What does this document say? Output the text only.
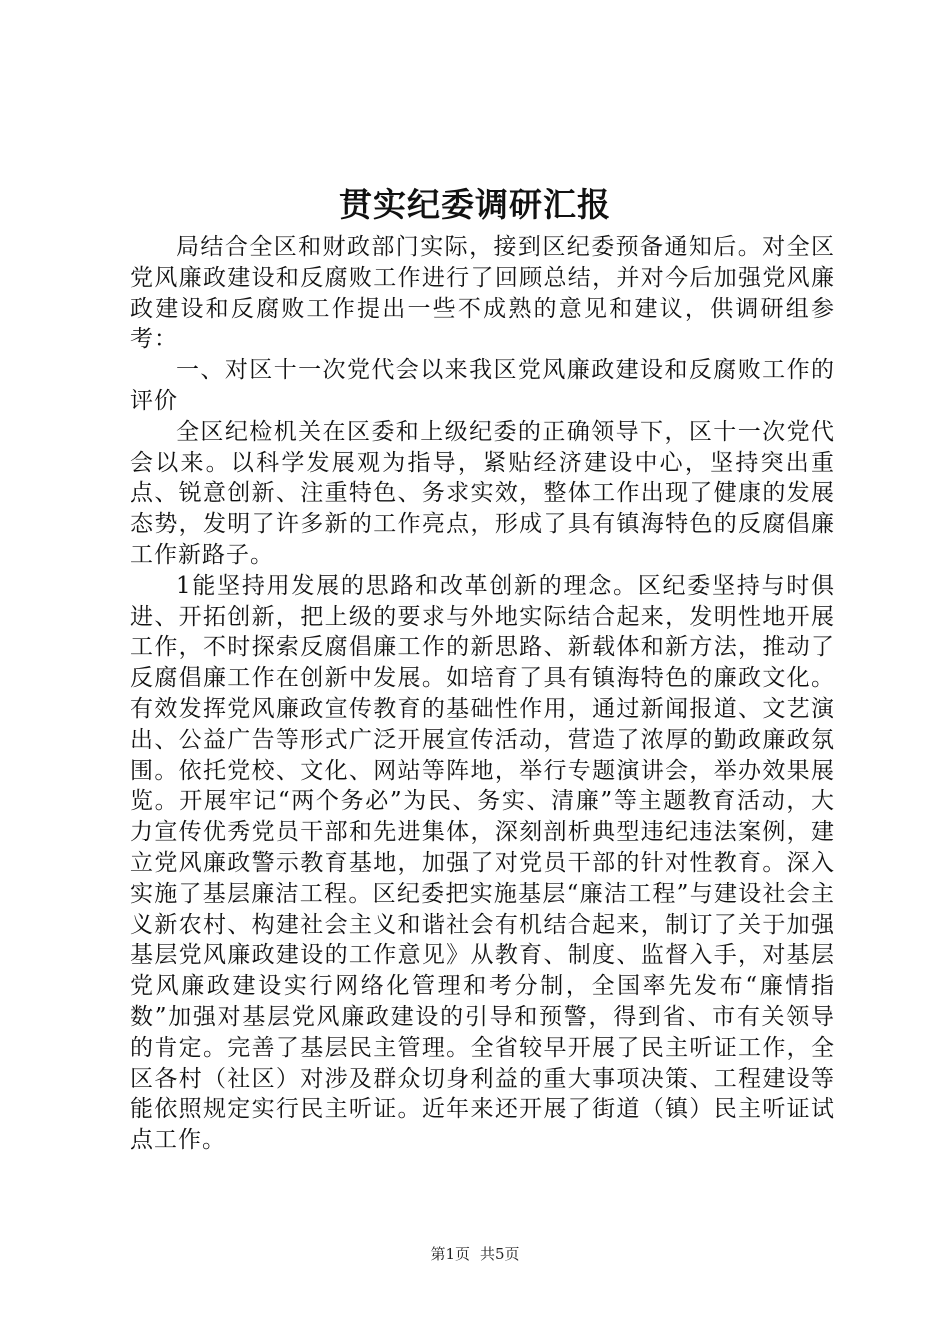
贯实纪委调研汇报

局结合全区和财政部门实际，接到区纪委预备通知后。对全区党风廉政建设和反腐败工作进行了回顾总结，并对今后加强党风廉政建设和反腐败工作提出一些不成熟的意见和建议，供调研组参考：

一、对区十一次党代会以来我区党风廉政建设和反腐败工作的评价

全区纪检机关在区委和上级纪委的正确领导下，区十一次党代会以来。以科学发展观为指导，紧贴经济建设中心，坚持突出重点、锐意创新、注重特色、务求实效，整体工作出现了健康的发展态势，发明了许多新的工作亮点，形成了具有镇海特色的反腐倡廉工作新路子。

1能坚持用发展的思路和改革创新的理念。区纪委坚持与时俱进、开拓创新，把上级的要求与外地实际结合起来，发明性地开展工作，不时探索反腐倡廉工作的新思路、新载体和新方法，推动了反腐倡廉工作在创新中发展。如培育了具有镇海特色的廉政文化。有效发挥党风廉政宣传教育的基础性作用，通过新闻报道、文艺演出、公益广告等形式广泛开展宣传活动，营造了浓厚的勤政廉政氛围。依托党校、文化、网站等阵地，举行专题演讲会，举办效果展览。开展牢记“两个务必”为民、务实、清廉”等主题教育活动，大力宣传优秀党员干部和先进集体，深刻剖析典型违纪违法案例，建立党风廉政警示教育基地，加强了对党员干部的针对性教育。深入实施了基层廉洁工程。区纪委把实施基层“廉洁工程”与建设社会主义新农村、构建社会主义和谐社会有机结合起来，制订了关于加强基层党风廉政建设的工作意见》从教育、制度、监督入手，对基层党风廉政建设实行网络化管理和考分制，全国率先发布“廉情指数”加强对基层党风廉政建设的引导和预警，得到省、市有关领导的肯定。完善了基层民主管理。全省较早开展了民主听证工作，全区各村（社区）对涉及群众切身利益的重大事项决策、工程建设等能依照规定实行民主听证。近年来还开展了街道（镇）民主听证试点工作。

第1页 共5页
